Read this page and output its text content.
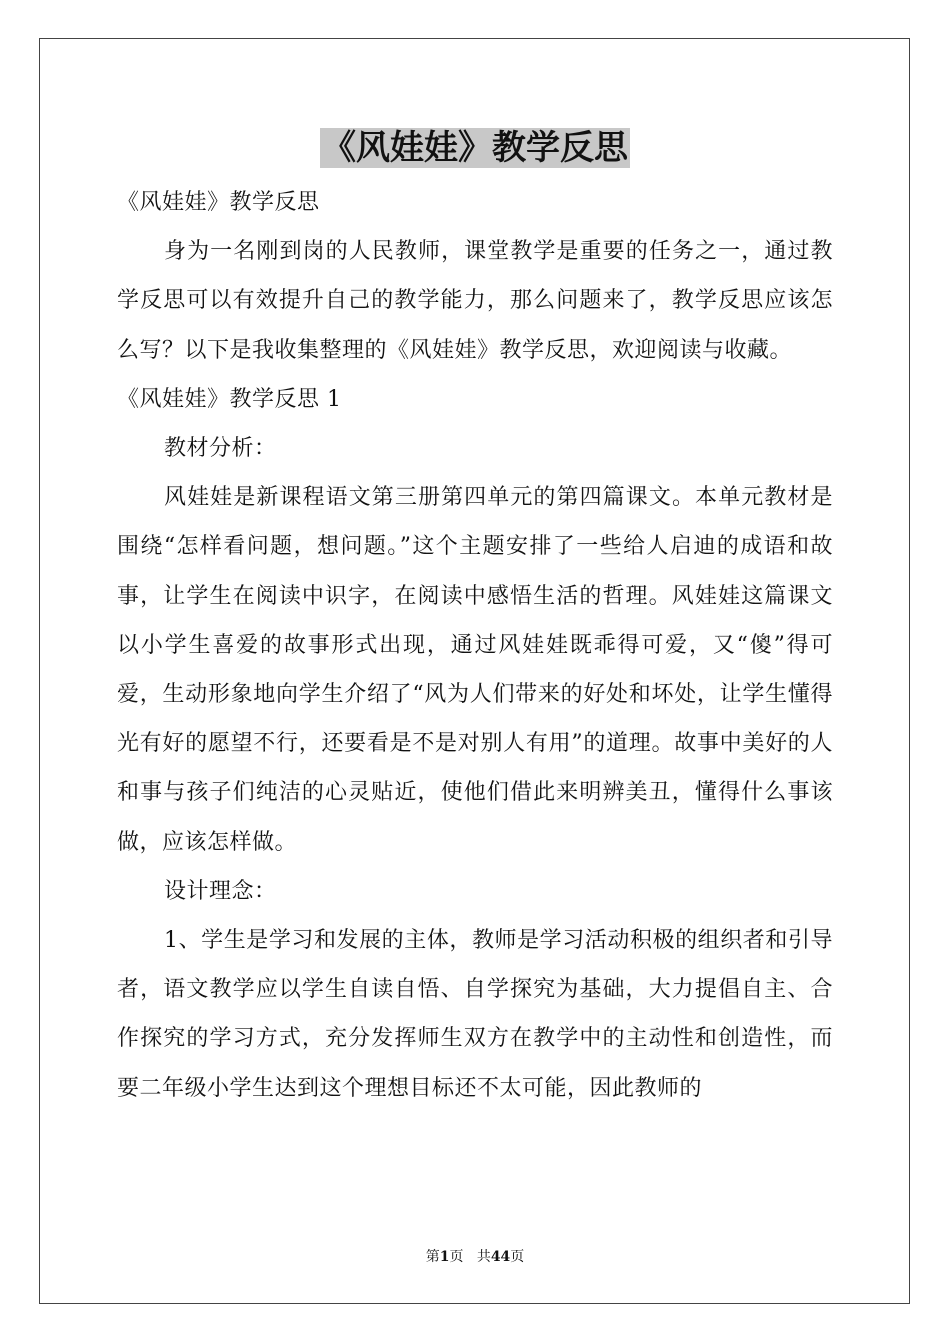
《风娃娃》教学反思

《风娃娃》教学反思

身为一名刚到岗的人民教师，课堂教学是重要的任务之一，通过教学反思可以有效提升自己的教学能力，那么问题来了，教学反思应该怎么写？以下是我收集整理的《风娃娃》教学反思，欢迎阅读与收藏。

《风娃娃》教学反思 1

教材分析：

风娃娃是新课程语文第三册第四单元的第四篇课文。本单元教材是围绕“怎样看问题，想问题。”这个主题安排了一些给人启迪的成语和故事，让学生在阅读中识字，在阅读中感悟生活的哲理。风娃娃这篇课文以小学生喜爱的故事形式出现，通过风娃娃既乖得可爱，又“傻”得可爱，生动形象地向学生介绍了“风为人们带来的好处和坏处，让学生懂得光有好的愿望不行，还要看是不是对别人有用”的道理。故事中美好的人和事与孩子们纯洁的心灵贴近，使他们借此来明辨美丑，懂得什么事该做，应该怎样做。

设计理念：

1、学生是学习和发展的主体，教师是学习活动积极的组织者和引导者，语文教学应以学生自读自悟、自学探究为基础，大力提倡自主、合作探究的学习方式，充分发挥师生双方在教学中的主动性和创造性，而要二年级小学生达到这个理想目标还不太可能，因此教师的

第1页 共44页
